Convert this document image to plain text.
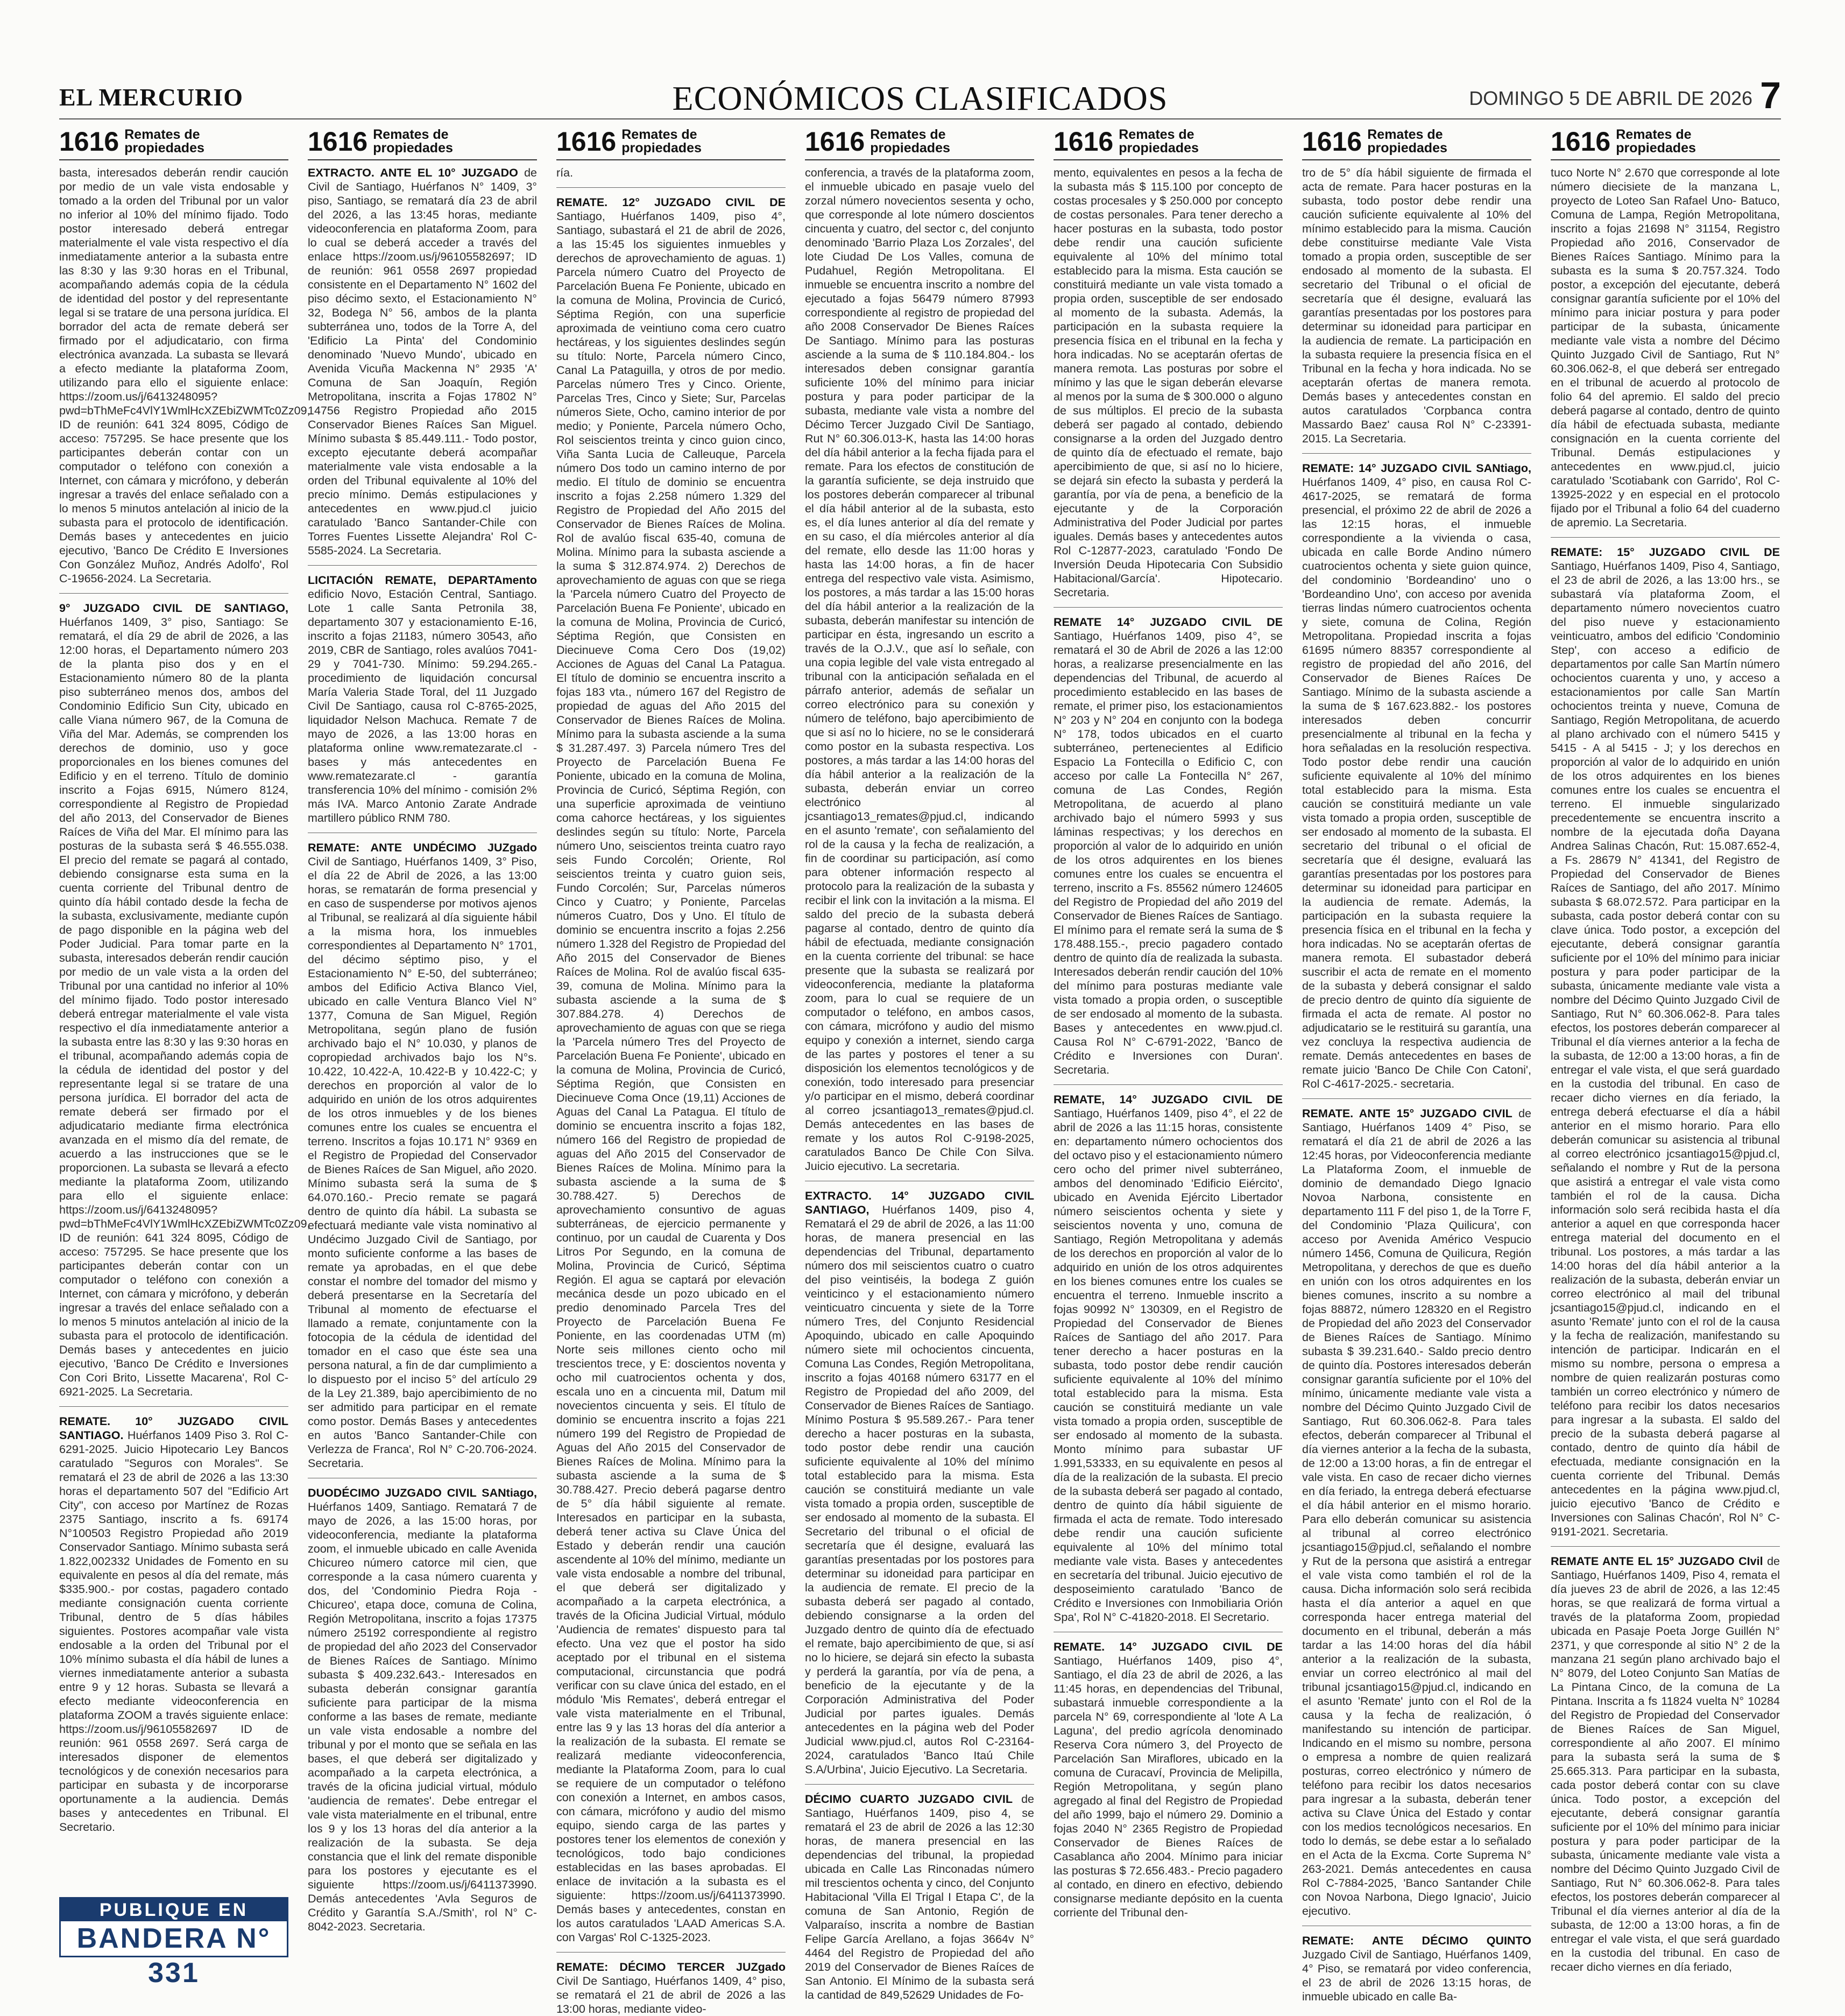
EL MERCURIO	ECONÓMICOS CLASIFICADOS	DOMINGO 5 DE ABRIL DE 2026 7
1616 Remates de
propiedades

basta, interesados deberán rendir caución por medio de un vale vista endosable y tomado a la orden del Tribunal por un valor no inferior al 10% del mínimo fijado. Todo postor interesado deberá entregar materialmente el vale vista respectivo el día inmediatamente anterior a la subasta entre las 8:30 y las 9:30 horas en el Tribunal, acompañando además copia de la cédula de identidad del postor y del representante legal si se tratare de una persona jurídica. El borrador del acta de remate deberá ser firmado por el adjudicatario, con firma electrónica avanzada. La subasta se llevará a efecto mediante la plataforma Zoom, utilizando para ello el siguiente enlace: https://zoom.us/j/6413248095?pwd=bThMeFc4VlY1WmlHcXZEbiZWMTc0Zz09, ID de reunión: 641 324 8095, Código de acceso: 757295. Se hace presente que los participantes deberán contar con un computador o teléfono con conexión a Internet, con cámara y micrófono, y deberán ingresar a través del enlace señalado con a lo menos 5 minutos antelación al inicio de la subasta para el protocolo de identificación. Demás bases y antecedentes en juicio ejecutivo, 'Banco De Crédito E Inversiones Con González Muñoz, Andrés Adolfo', Rol C-19656-2024. La Secretaria.

9° JUZGADO CIVIL DE SANTIAGO, Huérfanos 1409, 3° piso, Santiago: Se rematará, el día 29 de abril de 2026, a las 12:00 horas, el Departamento número 203 de la planta piso dos y en el Estacionamiento número 80 de la planta piso subterráneo menos dos, ambos del Condominio Edificio Sun City, ubicado en calle Viana número 967, de la Comuna de Viña del Mar. Además, se comprenden los derechos de dominio, uso y goce proporcionales en los bienes comunes del Edificio y en el terreno. Título de dominio inscrito a Fojas 6915, Número 8124, correspondiente al Registro de Propiedad del año 2013, del Conservador de Bienes Raíces de Viña del Mar. El mínimo para las posturas de la subasta será $ 46.555.038. El precio del remate se pagará al contado, debiendo consignarse esta suma en la cuenta corriente del Tribunal dentro de quinto día hábil contado desde la fecha de la subasta, exclusivamente, mediante cupón de pago disponible en la página web del Poder Judicial. Para tomar parte en la subasta, interesados deberán rendir caución por medio de un vale vista a la orden del Tribunal por una cantidad no inferior al 10% del mínimo fijado. Todo postor interesado deberá entregar materialmente el vale vista respectivo el día inmediatamente anterior a la subasta entre las 8:30 y las 9:30 horas en el tribunal, acompañando además copia de la cédula de identidad del postor y del representante legal si se tratare de una persona jurídica. El borrador del acta de remate deberá ser firmado por el adjudicatario mediante firma electrónica avanzada en el mismo día del remate, de acuerdo a las instrucciones que se le proporcionen. La subasta se llevará a efecto mediante la plataforma Zoom, utilizando para ello el siguiente enlace: https://zoom.us/j/6413248095?pwd=bThMeFc4VlY1WmlHcXZEbiZWMTc0Zz09, ID de reunión: 641 324 8095, Código de acceso: 757295. Se hace presente que los participantes deberán contar con un computador o teléfono con conexión a Internet, con cámara y micrófono, y deberán ingresar a través del enlace señalado con a lo menos 5 minutos antelación al inicio de la subasta para el protocolo de identificación. Demás bases y antecedentes en juicio ejecutivo, 'Banco De Crédito e Inversiones Con Cori Brito, Lissette Macarena', Rol C-6921-2025. La Secretaria.

REMATE. 10° JUZGADO CIVIL SANTIAGO. Huérfanos 1409 Piso 3. Rol C-6291-2025. Juicio Hipotecario Ley Bancos caratulado "Seguros con Morales". Se rematará el 23 de abril de 2026 a las 13:30 horas el departamento 507 del "Edificio Art City", con acceso por Martínez de Rozas 2375 Santiago, inscrito a fs. 69174 N°100503 Registro Propiedad año 2019 Conservador Santiago. Mínimo subasta será 1.822,002332 Unidades de Fomento en su equivalente en pesos al día del remate, más $335.900.- por costas, pagadero contado mediante consignación cuenta corriente Tribunal, dentro de 5 días hábiles siguientes. Postores acompañar vale vista endosable a la orden del Tribunal por el 10% mínimo subasta el día hábil de lunes a viernes inmediatamente anterior a subasta entre 9 y 12 horas. Subasta se llevará a efecto mediante videoconferencia en plataforma ZOOM a través siguiente enlace: https://zoom.us/j/96105582697 ID de reunión: 961 0558 2697. Será carga de interesados disponer de elementos tecnológicos y de conexión necesarios para participar en subasta y de incorporarse oportunamente a la audiencia. Demás bases y antecedentes en Tribunal. El Secretario.

1616 Remates de
propiedades

EXTRACTO. ANTE EL 10° JUZGADO de Civil de Santiago, Huérfanos N° 1409, 3° piso, Santiago, se rematará día 23 de abril del 2026, a las 13:45 horas, mediante videoconferencia en plataforma Zoom, para lo cual se deberá acceder a través del enlace https://zoom.us/j/96105582697; ID de reunión: 961 0558 2697 propiedad consistente en el Departamento N° 1602 del piso décimo sexto, el Estacionamiento N° 32, Bodega N° 56, ambos de la planta subterránea uno, todos de la Torre A, del 'Edificio La Pinta' del Condominio denominado 'Nuevo Mundo', ubicado en Avenida Vicuña Mackenna N° 2935 'A' Comuna de San Joaquín, Región Metropolitana, inscrita a Fojas 17802 N° 14756 Registro Propiedad año 2015 Conservador Bienes Raíces San Miguel. Mínimo subasta $ 85.449.111.- Todo postor, excepto ejecutante deberá acompañar materialmente vale vista endosable a la orden del Tribunal equivalente al 10% del precio mínimo. Demás estipulaciones y antecedentes en www.pjud.cl juicio caratulado 'Banco Santander-Chile con Torres Fuentes Lissette Alejandra' Rol C-5585-2024. La Secretaria.

LICITACIÓN REMATE, DEPARTAmento edificio Novo, Estación Central, Santiago. Lote 1 calle Santa Petronila 38, departamento 307 y estacionamiento E-16, inscrito a fojas 21183, número 30543, año 2019, CBR de Santiago, roles avalúos 7041-29 y 7041-730. Mínimo: 59.294.265.- procedimiento de liquidación concursal María Valeria Stade Toral, del 11 Juzgado Civil De Santiago, causa rol C-8765-2025, liquidador Nelson Machuca. Remate 7 de mayo de 2026, a las 13:00 horas en plataforma online www.rematezarate.cl - bases y más antecedentes en www.rematezarate.cl - garantía transferencia 10% del mínimo - comisión 2% más IVA. Marco Antonio Zarate Andrade martillero público RNM 780.

REMATE: ANTE UNDÉCIMO JUZgado Civil de Santiago, Huérfanos 1409, 3° Piso, el día 22 de Abril de 2026, a las 13:00 horas, se rematarán de forma presencial y en caso de suspenderse por motivos ajenos al Tribunal, se realizará al día siguiente hábil a la misma hora, los inmuebles correspondientes al Departamento N° 1701, del décimo séptimo piso, y el Estacionamiento N° E-50, del subterráneo; ambos del Edificio Activa Blanco Viel, ubicado en calle Ventura Blanco Viel N° 1377, Comuna de San Miguel, Región Metropolitana, según plano de fusión archivado bajo el N° 10.030, y planos de copropiedad archivados bajo los N°s. 10.422, 10.422-A, 10.422-B y 10.422-C; y derechos en proporción al valor de lo adquirido en unión de los otros adquirentes de los otros inmuebles y de los bienes comunes entre los cuales se encuentra el terreno. Inscritos a fojas 10.171 N° 9369 en el Registro de Propiedad del Conservador de Bienes Raíces de San Miguel, año 2020. Mínimo subasta será la suma de $ 64.070.160.- Precio remate se pagará dentro de quinto día hábil. La subasta se efectuará mediante vale vista nominativo al Undécimo Juzgado Civil de Santiago, por monto suficiente conforme a las bases de remate ya aprobadas, en el que debe constar el nombre del tomador del mismo y deberá presentarse en la Secretaría del Tribunal al momento de efectuarse el llamado a remate, conjuntamente con la fotocopia de la cédula de identidad del tomador en el caso que éste sea una persona natural, a fin de dar cumplimiento a lo dispuesto por el inciso 5° del artículo 29 de la Ley 21.389, bajo apercibimiento de no ser admitido para participar en el remate como postor. Demás Bases y antecedentes en autos 'Banco Santander-Chile con Verlezza de Franca', Rol N° C-20.706-2024. Secretaria.

DUODÉCIMO JUZGADO CIVIL SANtiago, Huérfanos 1409, Santiago. Rematará 7 de mayo de 2026, a las 15:00 horas, por videoconferencia, mediante la plataforma zoom, el inmueble ubicado en calle Avenida Chicureo número catorce mil cien, que corresponde a la casa número cuarenta y dos, del 'Condominio Piedra Roja - Chicureo', etapa doce, comuna de Colina, Región Metropolitana, inscrito a fojas 17375 número 25192 correspondiente al registro de propiedad del año 2023 del Conservador de Bienes Raíces de Santiago. Mínimo subasta $ 409.232.643.- Interesados en subasta deberán consignar garantía suficiente para participar de la misma conforme a las bases de remate, mediante un vale vista endosable a nombre del tribunal y por el monto que se señala en las bases, el que deberá ser digitalizado y acompañado a la carpeta electrónica, a través de la oficina judicial virtual, módulo 'audiencia de remates'. Debe entregar el vale vista materialmente en el tribunal, entre los 9 y los 13 horas del día anterior a la realización de la subasta. Se deja constancia que el link del remate disponible para los postores y ejecutante es el siguiente https://zoom.us/j/6411373990. Demás antecedentes 'Avla Seguros de Crédito y Garantía S.A./Smith', rol N° C-8042-2023. Secretaria.

1616 Remates de
propiedades

ría.

REMATE. 12° JUZGADO CIVIL DE Santiago, Huérfanos 1409, piso 4°, Santiago, subastará el 21 de abril de 2026, a las 15:45 los siguientes inmuebles y derechos de aprovechamiento de aguas. 1) Parcela número Cuatro del Proyecto de Parcelación Buena Fe Poniente, ubicado en la comuna de Molina, Provincia de Curicó, Séptima Región, con una superficie aproximada de veintiuno coma cero cuatro hectáreas, y los siguientes deslindes según su título: Norte, Parcela número Cinco, Canal La Pataguilla, y otros de por medio. Parcelas número Tres y Cinco. Oriente, Parcelas Tres, Cinco y Siete; Sur, Parcelas números Siete, Ocho, camino interior de por medio; y Poniente, Parcela número Ocho, Rol seiscientos treinta y cinco guion cinco, Viña Santa Lucia de Calleuque, Parcela número Dos todo un camino interno de por medio. El título de dominio se encuentra inscrito a fojas 2.258 número 1.329 del Registro de Propiedad del Año 2015 del Conservador de Bienes Raíces de Molina. Rol de avalúo fiscal 635-40, comuna de Molina. Mínimo para la subasta asciende a la suma $ 312.874.974. 2) Derechos de aprovechamiento de aguas con que se riega la 'Parcela número Cuatro del Proyecto de Parcelación Buena Fe Poniente', ubicado en la comuna de Molina, Provincia de Curicó, Séptima Región, que Consisten en Diecinueve Coma Cero Dos (19,02) Acciones de Aguas del Canal La Pataguа. El título de dominio se encuentra inscrito a fojas 183 vta., número 167 del Registro de propiedad de aguas del Año 2015 del Conservador de Bienes Raíces de Molina. Mínimo para la subasta asciende a la suma $ 31.287.497. 3) Parcela número Tres del Proyecto de Parcelación Buena Fe Poniente, ubicado en la comuna de Molina, Provincia de Curicó, Séptima Región, con una superficie aproximada de veintiuno coma cahorce hectáreas, y los siguientes deslindes según su título: Norte, Parcela número Uno, seiscientos treinta cuatro rayo seis Fundo Corcolén; Oriente, Rol seiscientos treinta y cuatro guion seis, Fundo Corcolén; Sur, Parcelas números Cinco y Cuatro; y Poniente, Parcelas números Cuatro, Dos y Uno. El título de dominio se encuentra inscrito a fojas 2.256 número 1.328 del Registro de Propiedad del Año 2015 del Conservador de Bienes Raíces de Molina. Rol de avalúo fiscal 635-39, comuna de Molina. Mínimo para la subasta asciende a la suma de $ 307.884.278. 4) Derechos de aprovechamiento de aguas con que se riega la 'Parcela número Tres del Proyecto de Parcelación Buena Fe Poniente', ubicado en la comuna de Molina, Provincia de Curicó, Séptima Región, que Consisten en Diecinueve Coma Once (19,11) Acciones de Aguas del Canal La Pataguа. El título de dominio se encuentra inscrito a fojas 182, número 166 del Registro de propiedad de aguas del Año 2015 del Conservador de Bienes Raíces de Molina. Mínimo para la subasta asciende a la suma de $ 30.788.427. 5) Derechos de aprovechamiento consuntivo de aguas subterráneas, de ejercicio permanente y continuo, por un caudal de Cuarenta y Dos Litros Por Segundo, en la comuna de Molina, Provincia de Curicó, Séptima Región. El agua se captará por elevación mecánica desde un pozo ubicado en el predio denominado Parcela Tres del Proyecto de Parcelación Buena Fe Poniente, en las coordenadas UTM (m) Norte seis millones ciento ocho mil trescientos trece, y E: doscientos noventa y ocho mil cuatrocientos ochenta y dos, escala uno en a cincuenta mil, Datum mil novecientos cincuenta y seis. El título de dominio se encuentra inscrito a fojas 221 número 199 del Registro de Propiedad de Aguas del Año 2015 del Conservador de Bienes Raíces de Molina. Mínimo para la subasta asciende a la suma de $ 30.788.427. Precio deberá pagarse dentro de 5° día hábil siguiente al remate. Interesados en participar en la subasta, deberá tener activa su Clave Única del Estado y deberán rendir una caución ascendente al 10% del mínimo, mediante un vale vista endosable a nombre del tribunal, el que deberá ser digitalizado y acompañado a la carpeta electrónica, a través de la Oficina Judicial Virtual, módulo 'Audiencia de remates' dispuesto para tal efecto. Una vez que el postor ha sido aceptado por el tribunal en el sistema computacional, circunstancia que podrá verificar con su clave única del estado, en el módulo 'Mis Remates', deberá entregar el vale vista materialmente en el Tribunal, entre las 9 y las 13 horas del día anterior a la realización de la subasta. El remate se realizará mediante videoconferencia, mediante la Plataforma Zoom, para lo cual se requiere de un computador o teléfono con conexión a Internet, en ambos casos, con cámara, micrófono y audio del mismo equipo, siendo carga de las partes y postores tener los elementos de conexión y tecnológicos, todo bajo condiciones establecidas en las bases aprobadas. El enlace de invitación a la subasta es el siguiente: https://zoom.us/j/6411373990. Demás bases y antecedentes, constan en los autos caratulados 'LAAD Americas S.A. con Vargas' Rol C-1325-2023.

REMATE: DÉCIMO TERCER JUZgado Civil De Santiago, Huérfanos 1409, 4° piso, se rematará el 21 de abril de 2026 a las 13:00 horas, mediante video-

1616 Remates de
propiedades

conferencia, a través de la plataforma zoom, el inmueble ubicado en pasaje vuelo del zorzal número novecientos sesenta y ocho, que corresponde al lote número doscientos cincuenta y cuatro, del sector c, del conjunto denominado 'Barrio Plaza Los Zorzales', del lote Ciudad De Los Valles, comuna de Pudahuel, Región Metropolitana. El inmueble se encuentra inscrito a nombre del ejecutado a fojas 56479 número 87993 correspondiente al registro de propiedad del año 2008 Conservador De Bienes Raíces De Santiago. Mínimo para las posturas asciende a la suma de $ 110.184.804.- los interesados deben consignar garantía suficiente 10% del mínimo para iniciar postura y para poder participar de la subasta, mediante vale vista a nombre del Décimo Tercer Juzgado Civil De Santiago, Rut N° 60.306.013-K, hasta las 14:00 horas del día hábil anterior a la fecha fijada para el remate. Para los efectos de constitución de la garantía suficiente, se deja instruido que los postores deberán comparecer al tribunal el día hábil anterior al de la subasta, esto es, el día lunes anterior al día del remate y en su caso, el día miércoles anterior al día del remate, ello desde las 11:00 horas y hasta las 14:00 horas, a fin de hacer entrega del respectivo vale vista. Asimismo, los postores, a más tardar a las 15:00 horas del día hábil anterior a la realización de la subasta, deberán manifestar su intención de participar en ésta, ingresando un escrito a través de la O.J.V., que así lo señale, con una copia legible del vale vista entregado al tribunal con la anticipación señalada en el párrafo anterior, además de señalar un correo electrónico para su conexión y número de teléfono, bajo apercibimiento de que si así no lo hiciere, no se le considerará como postor en la subasta respectiva. Los postores, a más tardar a las 14:00 horas del día hábil anterior a la realización de la subasta, deberán enviar un correo electrónico al jcsantiago13_remates@pjud.cl, indicando en el asunto 'remate', con señalamiento del rol de la causa y la fecha de realización, a fin de coordinar su participación, así como para obtener información respecto al protocolo para la realización de la subasta y recibir el link con la invitación a la misma. El saldo del precio de la subasta deberá pagarse al contado, dentro de quinto día hábil de efectuada, mediante consignación en la cuenta corriente del tribunal: se hace presente que la subasta se realizará por videoconferencia, mediante la plataforma zoom, para lo cual se requiere de un computador o teléfono, en ambos casos, con cámara, micrófono y audio del mismo equipo y conexión a internet, siendo carga de las partes y postores el tener a su disposición los elementos tecnológicos y de conexión, todo interesado para presenciar y/o participar en el mismo, deberá coordinar al correo jcsantiago13_remates@pjud.cl. Demás antecedentes en las bases de remate y los autos Rol C-9198-2025, caratulados Banco De Chile Con Silva. Juicio ejecutivo. La secretaria.

EXTRACTO. 14° JUZGADO CIVIL SANTIAGO, Huérfanos 1409, piso 4, Rematará el 29 de abril de 2026, a las 11:00 horas, de manera presencial en las dependencias del Tribunal, departamento número dos mil seiscientos cuatro o cuatro del piso veintiséis, la bodega Z guión veinticinco y el estacionamiento número veinticuatro cincuenta y siete de la Torre número Tres, del Conjunto Residencial Apoquindo, ubicado en calle Apoquindo número siete mil ochocientos cincuenta, Comuna Las Condes, Región Metropolitana, inscrito a fojas 40168 número 63177 en el Registro de Propiedad del año 2009, del Conservador de Bienes Raíces de Santiago. Mínimo Postura $ 95.589.267.- Para tener derecho a hacer posturas en la subasta, todo postor debe rendir una caución suficiente equivalente al 10% del mínimo total establecido para la misma. Esta caución se constituirá mediante un vale vista tomado a propia orden, susceptible de ser endosado al momento de la subasta. El Secretario del tribunal o el oficial de secretaría que él designe, evaluará las garantías presentadas por los postores para determinar su idoneidad para participar en la audiencia de remate. El precio de la subasta deberá ser pagado al contado, debiendo consignarse a la orden del Juzgado dentro de quinto día de efectuado el remate, bajo apercibimiento de que, si así no lo hiciere, se dejará sin efecto la subasta y perderá la garantía, por vía de pena, a beneficio de la ejecutante y de la Corporación Administrativa del Poder Judicial por partes iguales. Demás antecedentes en la página web del Poder Judicial www.pjud.cl, autos Rol C-23164-2024, caratulados 'Banco Itaú Chile S.A/Urbina', Juicio Ejecutivo. La Secretaria.

DÉCIMO CUARTO JUZGADO CIVIL de Santiago, Huérfanos 1409, piso 4, se rematará el 23 de abril de 2026 a las 12:30 horas, de manera presencial en las dependencias del tribunal, la propiedad ubicada en Calle Las Rinconadas número mil trescientos ochenta y cinco, del Conjunto Habitacional 'Villa El Trigal I Etapa C', de la comuna de San Antonio, Región de Valparaíso, inscrita a nombre de Bastian Felipe García Arellano, a fojas 3664v N° 4464 del Registro de Propiedad del año 2019 del Conservador de Bienes Raíces de San Antonio. El Mínimo de la subasta será la cantidad de 849,52629 Unidades de Fo-

1616 Remates de
propiedades

mento, equivalentes en pesos a la fecha de la subasta más $ 115.100 por concepto de costas procesales y $ 250.000 por concepto de costas personales. Para tener derecho a hacer posturas en la subasta, todo postor debe rendir una caución suficiente equivalente al 10% del mínimo total establecido para la misma. Esta caución se constituirá mediante un vale vista tomado a propia orden, susceptible de ser endosado al momento de la subasta. Además, la participación en la subasta requiere la presencia física en el tribunal en la fecha y hora indicadas. No se aceptarán ofertas de manera remota. Las posturas por sobre el mínimo y las que le sigan deberán elevarse al menos por la suma de $ 300.000 o alguno de sus múltiplos. El precio de la subasta deberá ser pagado al contado, debiendo consignarse a la orden del Juzgado dentro de quinto día de efectuado el remate, bajo apercibimiento de que, si así no lo hiciere, se dejará sin efecto la subasta y perderá la garantía, por vía de pena, a beneficio de la ejecutante y de la Corporación Administrativa del Poder Judicial por partes iguales. Demás bases y antecedentes autos Rol C-12877-2023, caratulado 'Fondo De Inversión Deuda Hipotecaria Con Subsidio Habitacional/García'. Hipotecario. Secretaria.

REMATE 14° JUZGADO CIVIL DE Santiago, Huérfanos 1409, piso 4°, se rematará el 30 de Abril de 2026 a las 12:00 horas, a realizarse presencialmente en las dependencias del Tribunal, de acuerdo al procedimiento establecido en las bases de remate, el primer piso, los estacionamientos N° 203 y N° 204 en conjunto con la bodega N° 178, todos ubicados en el cuarto subterráneo, pertenecientes al Edificio Espacio La Fontecilla o Edificio C, con acceso por calle La Fontecilla N° 267, comuna de Las Condes, Región Metropolitana, de acuerdo al plano archivado bajo el número 5993 y sus láminas respectivas; y los derechos en proporción al valor de lo adquirido en unión de los otros adquirentes en los bienes comunes entre los cuales se encuentra el terreno, inscrito a Fs. 85562 número 124605 del Registro de Propiedad del año 2019 del Conservador de Bienes Raíces de Santiago. El mínimo para el remate será la suma de $ 178.488.155.-, precio pagadero contado dentro de quinto día de realizada la subasta. Interesados deberán rendir caución del 10% del mínimo para posturas mediante vale vista tomado a propia orden, o susceptible de ser endosado al momento de la subasta. Bases y antecedentes en www.pjud.cl. Causa Rol N° C-6791-2022, 'Banco de Crédito e Inversiones con Duran'. Secretaria.

REMATE, 14° JUZGADO CIVIL DE Santiago, Huérfanos 1409, piso 4°, el 22 de abril de 2026 a las 11:15 horas, consistente en: departamento número ochocientos dos del octavo piso y el estacionamiento número cero ocho del primer nivel subterráneo, ambos del denominado 'Edificio Eiército', ubicado en Avenida Ejército Libertador número seiscientos ochenta y siete y seiscientos noventa y uno, comuna de Santiago, Región Metropolitana y además de los derechos en proporción al valor de lo adquirido en unión de los otros adquirentes en los bienes comunes entre los cuales se encuentra el terreno. Inmueble inscrito a fojas 90992 N° 130309, en el Registro de Propiedad del Conservador de Bienes Raíces de Santiago del año 2017. Para tener derecho a hacer posturas en la subasta, todo postor debe rendir caución suficiente equivalente al 10% del mínimo total establecido para la misma. Esta caución se constituirá mediante un vale vista tomado a propia orden, susceptible de ser endosado al momento de la subasta. Monto mínimo para subastar UF 1.991,53333, en su equivalente en pesos al día de la realización de la subasta. El precio de la subasta deberá ser pagado al contado, dentro de quinto día hábil siguiente de firmada el acta de remate. Todo interesado debe rendir una caución suficiente equivalente al 10% del mínimo total mediante vale vista. Bases y antecedentes en secretaría del tribunal. Juicio ejecutivo de desposeimiento caratulado 'Banco de Crédito e Inversiones con Inmobiliaria Orión Spa', Rol N° C-41820-2018. El Secretario.

REMATE. 14° JUZGADO CIVIL DE Santiago, Huérfanos 1409, piso 4°, Santiago, el día 23 de abril de 2026, a las 11:45 horas, en dependencias del Tribunal, subastará inmueble correspondiente a la parcela N° 69, correspondiente al 'lote A La Laguna', del predio agrícola denominado Reserva Cora número 3, del Proyecto de Parcelación San Miraflores, ubicado en la comuna de Curacaví, Provincia de Melipilla, Región Metropolitana, y según plano agregado al final del Registro de Propiedad del año 1999, bajo el número 29. Dominio a fojas 2040 N° 2365 Registro de Propiedad Conservador de Bienes Raíces de Casablanca año 2004. Mínimo para iniciar las posturas $ 72.656.483.- Precio pagadero al contado, en dinero en efectivo, debiendo consignarse mediante depósito en la cuenta corriente del Tribunal den-

1616 Remates de
propiedades

tro de 5° día hábil siguiente de firmada el acta de remate. Para hacer posturas en la subasta, todo postor debe rendir una caución suficiente equivalente al 10% del mínimo establecido para la misma. Caución debe constituirse mediante Vale Vista tomado a propia orden, susceptible de ser endosado al momento de la subasta. El secretario del Tribunal o el oficial de secretaría que él designe, evaluará las garantías presentadas por los postores para determinar su idoneidad para participar en la audiencia de remate. La participación en la subasta requiere la presencia física en el Tribunal en la fecha y hora indicada. No se aceptarán ofertas de manera remota. Demás bases y antecedentes constan en autos caratulados 'Corpbanca contra Massardo Baez' causa Rol N° C-23391-2015. La Secretaria.

REMATE: 14° JUZGADO CIVIL SANtiago, Huérfanos 1409, 4° piso, en causa Rol C-4617-2025, se rematará de forma presencial, el próximo 22 de abril de 2026 a las 12:15 horas, el inmueble correspondiente a la vivienda o casa, ubicada en calle Borde Andino número cuatrocientos ochenta y siete guion quince, del condominio 'Bordeandino' uno o 'Bordeandino Uno', con acceso por avenida tierras lindas número cuatrocientos ochenta y siete, comuna de Colina, Región Metropolitana. Propiedad inscrita a fojas 61695 número 88357 correspondiente al registro de propiedad del año 2016, del Conservador de Bienes Raíces De Santiago. Mínimo de la subasta asciende a la suma de $ 167.623.882.- los postores interesados deben concurrir presencialmente al tribunal en la fecha y hora señaladas en la resolución respectiva. Todo postor debe rendir una caución suficiente equivalente al 10% del mínimo total establecido para la misma. Esta caución se constituirá mediante un vale vista tomado a propia orden, susceptible de ser endosado al momento de la subasta. El secretario del tribunal o el oficial de secretaría que él designe, evaluará las garantías presentadas por los postores para determinar su idoneidad para participar en la audiencia de remate. Además, la participación en la subasta requiere la presencia física en el tribunal en la fecha y hora indicadas. No se aceptarán ofertas de manera remota. El subastador deberá suscribir el acta de remate en el momento de la subasta y deberá consignar el saldo de precio dentro de quinto día siguiente de firmada el acta de remate. Al postor no adjudicatario se le restituirá su garantía, una vez concluya la respectiva audiencia de remate. Demás antecedentes en bases de remate juicio 'Banco De Chile Con Catoni', Rol C-4617-2025.- secretaria.

REMATE. ANTE 15° JUZGADO CIVIL de Santiago, Huérfanos 1409 4° Piso, se rematará el día 21 de abril de 2026 a las 12:45 horas, por Videoconferencia mediante La Plataforma Zoom, el inmueble de dominio de demandado Diego Ignacio Novoa Narbona, consistente en departamento 111 F del piso 1, de la Torre F, del Condominio 'Plaza Quilicura', con acceso por Avenida Américo Vespucio número 1456, Comuna de Quilicura, Región Metropolitana, y derechos de que es dueño en unión con los otros adquirentes en los bienes comunes, inscrito a su nombre a fojas 88872, número 128320 en el Registro de Propiedad del año 2023 del Conservador de Bienes Raíces de Santiago. Mínimo subasta $ 39.231.640.- Saldo precio dentro de quinto día. Postores interesados deberán consignar garantía suficiente por el 10% del mínimo, únicamente mediante vale vista a nombre del Décimo Quinto Juzgado Civil de Santiago, Rut 60.306.062-8. Para tales efectos, deberán comparecer al Tribunal el día viernes anterior a la fecha de la subasta, de 12:00 a 13:00 horas, a fin de entregar el vale vista. En caso de recaer dicho viernes en día feriado, la entrega deberá efectuarse el día hábil anterior en el mismo horario. Para ello deberán comunicar su asistencia al tribunal al correo electrónico jcsantiago15@pjud.cl, señalando el nombre y Rut de la persona que asistirá a entregar el vale vista como también el rol de la causa. Dicha información solo será recibida hasta el día anterior a aquel en que corresponda hacer entrega material del documento en el tribunal, deberán a más tardar a las 14:00 horas del día hábil anterior a la realización de la subasta, enviar un correo electrónico al mail del tribunal jcsantiago15@pjud.cl, indicando en el asunto 'Remate' junto con el Rol de la causa y la fecha de realización, ó manifestando su intención de participar. Indicando en el mismo su nombre, persona o empresa a nombre de quien realizará posturas, correo electrónico y número de teléfono para recibir los datos necesarios para ingresar a la subasta, deberán tener activa su Clave Única del Estado y contar con los medios tecnológicos necesarios. En todo lo demás, se debe estar a lo señalado en el Acta de la Excma. Corte Suprema N° 263-2021. Demás antecedentes en causa Rol C-7884-2025, 'Banco Santander Chile con Novoa Narbona, Diego Ignacio', Juicio ejecutivo.

REMATE: ANTE DÉCIMO QUINTO Juzgado Civil de Santiago, Huérfanos 1409, 4° Piso, se rematará por video conferencia, el 23 de abril de 2026 13:15 horas, de inmueble ubicado en calle Ba-

1616 Remates de
propiedades

tuco Norte N° 2.670 que corresponde al lote número diecisiete de la manzana L, proyecto de Loteo San Rafael Uno- Batuco, Comuna de Lampa, Región Metropolitana, inscrito a fojas 21698 N° 31154, Registro Propiedad año 2016, Conservador de Bienes Raíces Santiago. Mínimo para la subasta es la suma $ 20.757.324. Todo postor, a excepción del ejecutante, deberá consignar garantía suficiente por el 10% del mínimo para iniciar postura y para poder participar de la subasta, únicamente mediante vale vista a nombre del Décimo Quinto Juzgado Civil de Santiago, Rut N° 60.306.062-8, el que deberá ser entregado en el tribunal de acuerdo al protocolo de folio 64 del apremio. El saldo del precio deberá pagarse al contado, dentro de quinto día hábil de efectuada subasta, mediante consignación en la cuenta corriente del Tribunal. Demás estipulaciones y antecedentes en www.pjud.cl, juicio caratulado 'Scotiabank con Garrido', Rol C-13925-2022 y en especial en el protocolo fijado por el Tribunal a folio 64 del cuaderno de apremio. La Secretaria.

REMATE: 15° JUZGADO CIVIL DE Santiago, Huérfanos 1409, Piso 4, Santiago, el 23 de abril de 2026, a las 13:00 hrs., se subastará vía plataforma Zoom, el departamento número novecientos cuatro del piso nueve y estacionamiento veinticuatro, ambos del edificio 'Condominio Step', con acceso a edificio de departamentos por calle San Martín número ochocientos cuarenta y uno, y acceso a estacionamientos por calle San Martín ochocientos treinta y nueve, Comuna de Santiago, Región Metropolitana, de acuerdo al plano archivado con el número 5415 y 5415 - A al 5415 - J; y los derechos en proporción al valor de lo adquirido en unión de los otros adquirentes en los bienes comunes entre los cuales se encuentra el terreno. El inmueble singularizado precedentemente se encuentra inscrito a nombre de la ejecutada doña Dayana Andrea Salinas Chacón, Rut: 15.087.652-4, a Fs. 28679 N° 41341, del Registro de Propiedad del Conservador de Bienes Raíces de Santiago, del año 2017. Mínimo subasta $ 68.072.572. Para participar en la subasta, cada postor deberá contar con su clave única. Todo postor, a excepción del ejecutante, deberá consignar garantía suficiente por el 10% del mínimo para iniciar postura y para poder participar de la subasta, únicamente mediante vale vista a nombre del Décimo Quinto Juzgado Civil de Santiago, Rut N° 60.306.062-8. Para tales efectos, los postores deberán comparecer al Tribunal el día viernes anterior a la fecha de la subasta, de 12:00 a 13:00 horas, a fin de entregar el vale vista, el que será guardado en la custodia del tribunal. En caso de recaer dicho viernes en día feriado, la entrega deberá efectuarse el día a hábil anterior en el mismo horario. Para ello deberán comunicar su asistencia al tribunal al correo electrónico jcsantiago15@pjud.cl, señalando el nombre y Rut de la persona que asistirá a entregar el vale vista como también el rol de la causa. Dicha información solo será recibida hasta el día anterior a aquel en que corresponda hacer entrega material del documento en el tribunal. Los postores, a más tardar a las 14:00 horas del día hábil anterior a la realización de la subasta, deberán enviar un correo electrónico al mail del tribunal jcsantiago15@pjud.cl, indicando en el asunto 'Remate' junto con el rol de la causa y la fecha de realización, manifestando su intención de participar. Indicarán en el mismo su nombre, persona o empresa a nombre de quien realizarán posturas como también un correo electrónico y número de teléfono para recibir los datos necesarios para ingresar a la subasta. El saldo del precio de la subasta deberá pagarse al contado, dentro de quinto día hábil de efectuada, mediante consignación en la cuenta corriente del Tribunal. Demás antecedentes en la página www.pjud.cl, juicio ejecutivo 'Banco de Crédito e Inversiones con Salinas Chacón', Rol N° C-9191-2021. Secretaria.

REMATE ANTE EL 15° JUZGADO CIvil de Santiago, Huérfanos 1409, Piso 4, remata el día jueves 23 de abril de 2026, a las 12:45 horas, se que realizará de forma virtual a través de la plataforma Zoom, propiedad ubicada en Pasaje Poeta Jorge Guillén N° 2371, y que corresponde al sitio N° 2 de la manzana 21 según plano archivado bajo el N° 8079, del Loteo Conjunto San Matías de La Pintana Cinco, de la comuna de La Pintana. Inscrita a fs 11824 vuelta N° 10284 del Registro de Propiedad del Conservador de Bienes Raíces de San Miguel, correspondiente al año 2007. El mínimo para la subasta será la suma de $ 25.665.313. Para participar en la subasta, cada postor deberá contar con su clave única. Todo postor, a excepción del ejecutante, deberá consignar garantía suficiente por el 10% del mínimo para iniciar postura y para poder participar de la subasta, únicamente mediante vale vista a nombre del Décimo Quinto Juzgado Civil de Santiago, Rut N° 60.306.062-8. Para tales efectos, los postores deberán comparecer al Tribunal el día viernes anterior al día de la subasta, de 12:00 a 13:00 horas, a fin de entregar el vale vista, el que será guardado en la custodia del tribunal. En caso de recaer dicho viernes en día feriado,

PUBLIQUE EN
BANDERA N° 331
